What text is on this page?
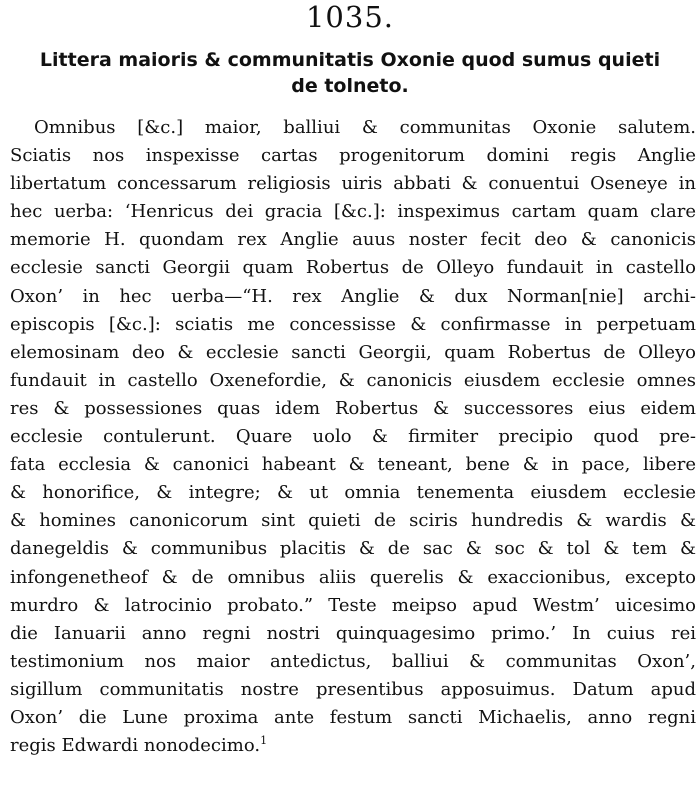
1035.
Littera maioris & communitatis Oxonie quod sumus quieti
de tolneto.
Omnibus [&c.] maior, balliui & communitas Oxonie salutem.
Sciatis nos inspexisse cartas progenitorum domini regis Anglie
libertatum concessarum religiosis uiris abbati & conuentui Oseneye in
hec uerba: ‘Henricus dei gracia [&c.]: inspeximus cartam quam clare
memorie H. quondam rex Anglie auus noster fecit deo & canonicis
ecclesie sancti Georgii quam Robertus de Olleyo fundauit in castello
Oxon’ in hec uerba—“H. rex Anglie & dux Norman[nie] archi-
episcopis [&c.]: sciatis me concessisse & confirmasse in perpetuam
elemosinam deo & ecclesie sancti Georgii, quam Robertus de Olleyo
fundauit in castello Oxenefordie, & canonicis eiusdem ecclesie omnes
res & possessiones quas idem Robertus & successores eius eidem
ecclesie contulerunt. Quare uolo & firmiter precipio quod pre-
fata ecclesia & canonici habeant & teneant, bene & in pace, libere
& honorifice, & integre; & ut omnia tenementa eiusdem ecclesie
& homines canonicorum sint quieti de sciris hundredis & wardis &
danegeldis & communibus placitis & de sac & soc & tol & tem &
infongenetheof & de omnibus aliis querelis & exaccionibus, excepto
murdro & latrocinio probato.” Teste meipso apud Westm’ uicesimo
die Ianuarii anno regni nostri quinquagesimo primo.’ In cuius rei
testimonium nos maior antedictus, balliui & communitas Oxon’,
sigillum communitatis nostre presentibus apposuimus. Datum apud
Oxon’ die Lune proxima ante festum sancti Michaelis, anno regni
regis Edwardi nonodecimo.$^1$
